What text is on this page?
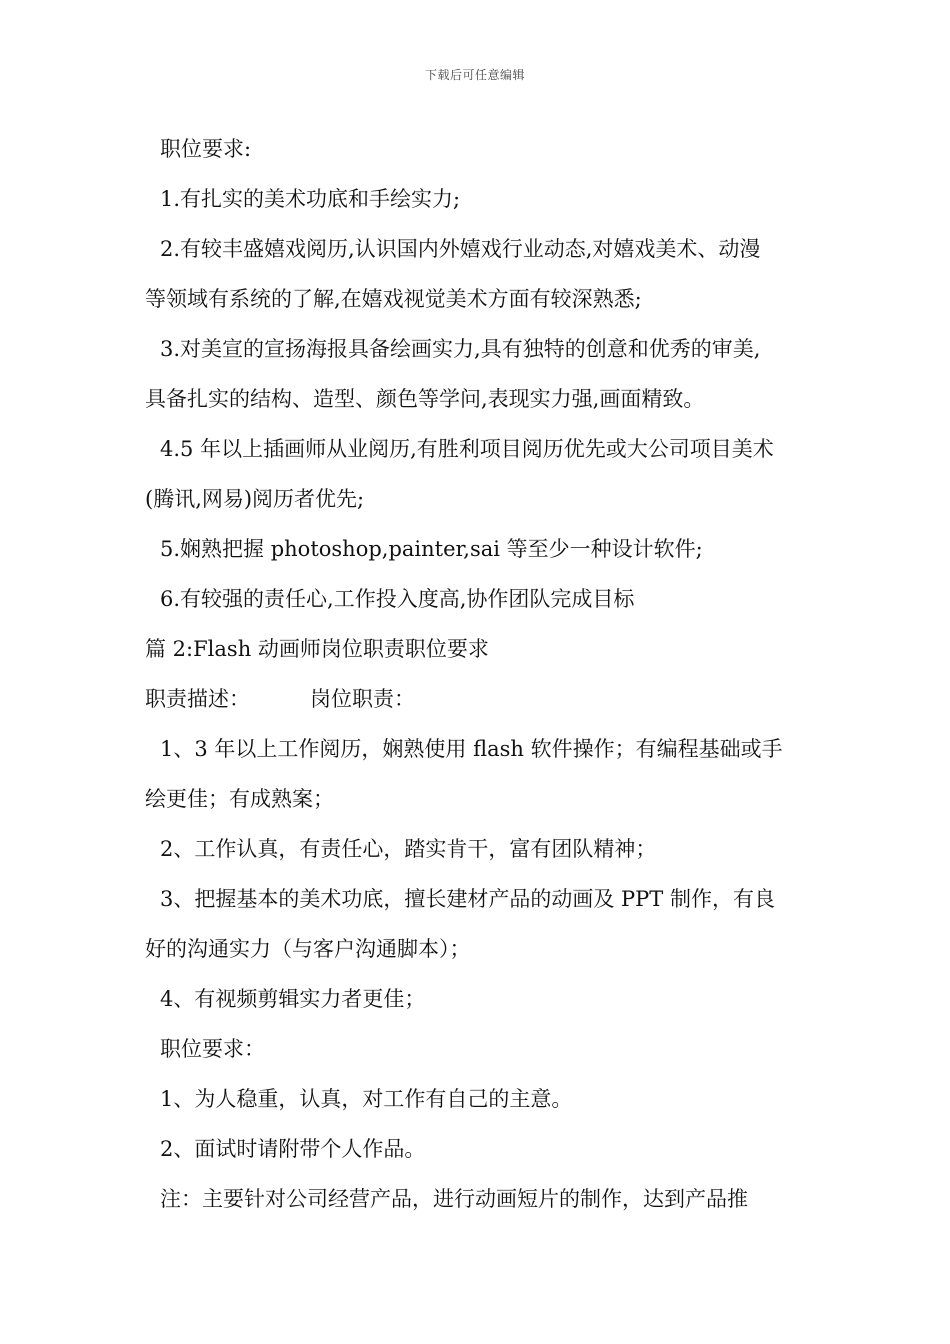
下载后可任意编辑
职位要求:
1.有扎实的美术功底和手绘实力;
2.有较丰盛嬉戏阅历,认识国内外嬉戏行业动态,对嬉戏美术、动漫
等领域有系统的了解,在嬉戏视觉美术方面有较深熟悉;
3.对美宣的宣扬海报具备绘画实力,具有独特的创意和优秀的审美,
具备扎实的结构、造型、颜色等学问,表现实力强,画面精致。
4.5 年以上插画师从业阅历,有胜利项目阅历优先或大公司项目美术
(腾讯,网易)阅历者优先;
5.娴熟把握 photoshop,painter,sai 等至少一种设计软件;
6.有较强的责任心,工作投入度高,协作团队完成目标
篇 2:Flash 动画师岗位职责职位要求
职责描述：	岗位职责：
1、3 年以上工作阅历，娴熟使用 flash 软件操作；有编程基础或手
绘更佳；有成熟案；
2、工作认真，有责任心，踏实肯干，富有团队精神；
3、把握基本的美术功底，擅长建材产品的动画及 PPT 制作，有良
好的沟通实力（与客户沟通脚本）；
4、有视频剪辑实力者更佳；
职位要求：
1、为人稳重，认真，对工作有自己的主意。
2、面试时请附带个人作品。
注：主要针对公司经营产品，进行动画短片的制作，达到产品推
